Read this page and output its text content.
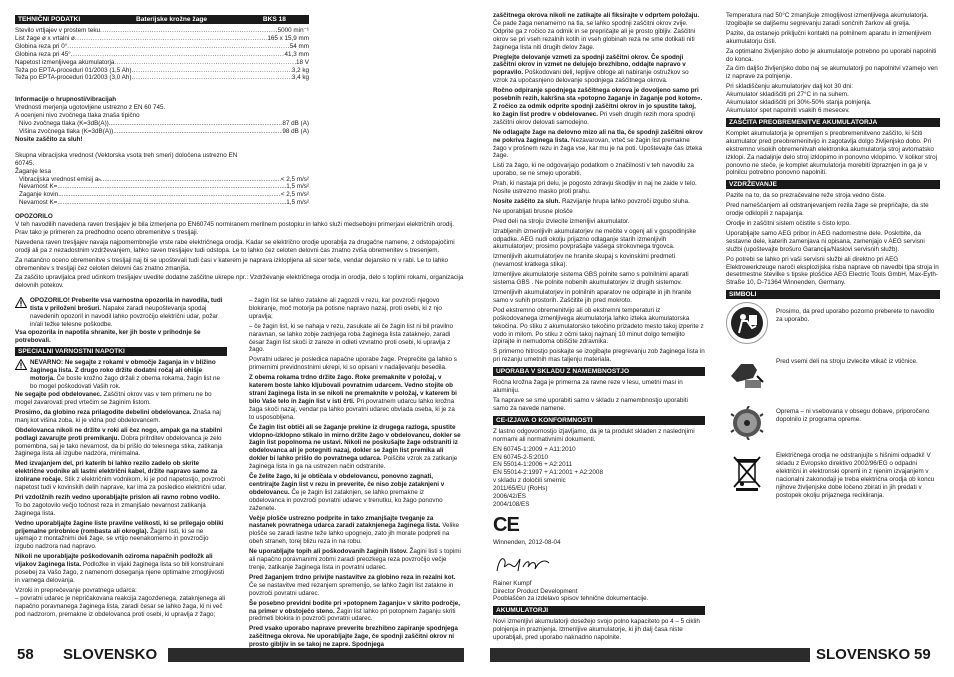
TEHNIČNI PODATKI	Baterijske krožne žage	BKS 18
Število vrtljajev v prostem teku .....	5000 min⁻¹
List žage ø x vrtalni ø .....	165 x 15,9 mm
Globina reza pri 0° .....	54 mm
Globina reza pri 45° .....	41,3 mm
Napetost izmenljivega akumulatorja .....	18 V
Teža po EPTA-proceduri 01/2003 (1,5 Ah) .....	3,2 kg
Teža po EPTA-proceduri 01/2003 (3,0 Ah) .....	3,4 kg
Informacije o hrupnosti/vibracijah
Vrednosti merjenja ugotovljene ustrezno z EN 60 745.
A ocenjeni nivo zvočnega tlaka znaša tipično
Nivo zvočnega tlaka (K=3dB(A)) .....	87 dB (A)
Višina zvočnega tlaka (K=3dB(A)) .....	98 dB (A)
Nosite zaščito za sluh!
Skupna vibracijska vrednost (Vektorska vsota treh smeri) določena ustrezno EN 60745.
Žaganje lesa
Vibracijska vrednost emisij aₕ .....	< 2,5 m/s²
Nevarnost K= .....	1,5 m/s²
Žaganje kovin .....	< 2,5 m/s²
Nevarnost K= .....	1,5 m/s²
OPOZORILO

V teh navodilih navedena raven tresljajev je bila izmerjena po EN60745 normiranem merilnem postopku in lahko služi medsebojni primerjavi električnih orodij. Prav tako je primeren za predhodno oceno obremenitve s tresljaji.

Navedena raven tresljajev navaja najpomembnejše vrste rabe električnega orodja. Kadar se električno orodje uporablja za drugačne namene, z odstopajočimi orodji ali pa z nezadostnim vzdrževanjem, lahko raven tresljajev tudi odstopa. Le to lahko čez celoten delovni čas znatno zviša obremenitev s tresenjem.

Za natančno oceno obremenitve s tresljaji naj bi se upoštevali tudi časi v katerem je naprava izklopljena ali sicer teče, vendar dejansko ni v rabi. Le to lahko obremenitev s tresljaji čez celoten delovni čas znatno zmanjša.

Za zaščito upravljalca pred učinkom tresljajev uvedite dodatne zaščitne ukrepe npr.: Vzdrževanje električnega orodja in orodja, delo s toplimi rokami, organizacija delovnih potekov.

OPOZORILO! Preberite vsa varnostna opozorila in navodila, tudi tista v priloženi brošuri. Napake zaradi neupoštevanja spodaj navedenih opozoril in navodil lahko povzročijo električni udar, požar in/ali težke telesne poškodbe.

Vsa opozorila in napotila shranite, ker jih boste v prihodnje še potrebovali.

SPECIALNI VARNOSTNI NAPOTKI
NEVARNO: Ne segajte z rokami v območje žaganja in v bližino žaginega lista. Z drugo roko držite dodatni ročaj ali ohišje motorja. Če boste krožno žago držali z obema rokama, žagin list ne bo mogel poškodovati Vaših rok.

Ne segajte pod obdelovanec. Zaščitni okrov vas v tem primeru ne bo mogel zavarovati pred vrtečim se žaginim listom.

Prosimo, da globino reza prilagodite debelini obdelovanca. Znaša naj manj kot višina zoba, ki je vidna pod obdelovancem.

Obdelovanca nikoli ne držite v roki ali čez nogo, ampak ga na stabilni podlagi zavarujte proti premikanju. Dobra pritrditev obdelovanca je zelo pomembna, saj je tako nevarnost, da bi prišlo do telesnega stika, zatikanja žaginega lista ali izgube nadzora, minimalna.

Med izvajanjem del, pri katerih bi lahko rezilo zadelo ob skrite električne vodnike ali lastni električni kabel, držite napravo samo za izolirane ročaje. Stik z električnim vodnikom, ki je pod napetostjo, povzroči napetost tudi v kovinskih delih naprave, kar ima za posledico električni udar.

Pri vzdolžnih rezih vedno uporabljajte prislon ali ravno robno vodilo. To bo zagotovilo večjo točnost reza in zmanjšalo nevarnost zatikanja žaginega lista.

Vedno uporabljajte žagine liste pravilne velikosti, ki se prilegajo obliki prijemalne prirobnice (rombasta ali okrogla). Žagini listi, ki se ne ujemajo z montažnimi deli žage, se vrtijo neenakomerno in povzročijo izgubo nadzora nad napravo.

Nikoli ne uporabljajte poškodovanih oziroma napačnih podložk ali vijakov žaginega lista. Podložke in vijaki žaginega lista so bili konstruirani posebej za Vašo žago, z namenom doseganja njene optimalne zmogljivosti in varnega delovanja.

Vzroki in preprečevanje povratnega udarca:

– povratni udarec je nepričakovana reakcija zagozdenega, zataknjenega ali napačno poravnanega žaginega lista, zaradi česar se lahko žaga, ki ni več pod nadzorom, premakne iz obdelovanca proti osebi, ki upravlja z žago;

– žagin list se lahko zatakne ali zagozdi v rezu, kar povzroči njegovo blokiranje, moč motorja pa potisne napravo nazaj, proti osebi, ki z njo upravlja;

– če žagin list, ki se nahaja v rezu, zasukate ali če žagin list ni bil pravilno naravnan, se lahko zobje zadnjega roba žaginega lista zataknejo, zaradi česar žagin list skoči iz zareze in odleti vzvratno proti osebi, ki upravlja z žago.

Povratni udarec je posledica napačne uporabe žage. Preprečite ga lahko s primernimi previdnostnimi ukrepi, ki so opisani v nadaljevanju besedila.

Z obema rokama trdno držite žago. Roke premaknite v položaj, v katerem boste lahko kljubovali povratnim udarcem. Vedno stojite ob strani žaginega lista in se nikoli ne premaknite v položaj, v katerem bi bilo Vaše telo in žagin list v isti črti. Pri povratnem udarcu lahko krožna žaga skoči nazaj, vendar pa lahko povratni udarec obvlada oseba, ki je za to usposobljena.

Če žagin list obtiči ali se žaganje prekine iz drugega razloga, spustite vklopno-izklopno stikalo in mirno držite žago v obdelovancu, dokler se žagin list popolnoma ne ustavi. Nikoli ne poskušajte žage odstraniti iz obdelovanca ali je potegniti nazaj, dokler se žagin list premika ali dokler bi lahko prišlo do povratnega udarca. Poiščite vzrok za zatikanje žaginega lista in ga na ustrezen način odstranite.

Če želite žago, ki je obtičala v obdelovancu, ponovno zagnati, centrirajte žagin list v rezu in preverite, če niso zobje zataknjeni v obdelovancu. Če je žagin list zataknjen, se lahko premakne iz obdelovanca in povzroči povratni udarec v trenutku, ko žago ponovno zaženete.

Večje plošče ustrezno podprite in tako zmanjšajte tveganje za nastanek povratnega udarca zaradi zataknjenega žaginega lista. Velike plošče se zaradi lastne teže lahko upognejo, zato jih morate podpreti na obeh straneh, torej blizu reza in na robu.

Ne uporabljajte topih ali poškodovanih žaginih listov. Žagini listi s topimi ali napačno poravnanimi zobmi zaradi preozkega reza povzročijo večje trenje, zatikanje žaginega lista in povratni udarec.

Pred žaganjem trdno privijte nastavitve za globino reza in rezalni kot. Če se nastavitve med rezanjem spremenijo, se lahko žagin list zatakne in povzroči povratni udarec.

Še posebno previdni bodite pri »potopnem žaganju« v skrito področje, na primer v obstoječo steno. Žagin list lahko pri potopnem žaganju skriti predmeti blokira in povzroči povratni udarec.

Pred vsako uporabo naprave preverite brezhibno zapiranje spodnjega zaščitnega okrova. Ne uporabljajte žage, če spodnji zaščitni okrov ni prosto gibljiv in se takoj ne zapre. Spodnjega

58 SLOVENSKO

zaščitnega okrova nikoli ne zatikajte ali fiksirajte v odprtem položaju. Če pade žaga nenamerno na tla, se lahko spodnji zaščitni okrov zvije. Odprite ga z ročico za odmik in se prepričajte ali je prosto gibljiv. Zaščitni okrov se pri vseh rezalnih kotih in vseh globinah reza ne sme dotikati niti žaginega lista niti drugih delov žage.

Preglejte delovanje vzmeti za spodnji zaščitni okrov. Če spodnji zaščitni okrov in vzmet ne delujejo brezhibno, oddajte napravo v popravilo. Poškodovani deli, lepljive obloge ali nabiranje ostružkov so vzrok za upočasnjeno delovanje spodnjega zaščitnega okrova.

Ročno odpiranje spodnjega zaščitnega okrova je dovoljeno samo pri posebnih rezih, kakršna sta »potopno žaganje in žaganje pod kotom«. Z ročico za odmik odprite spodnji zaščitni okrov in jo spustite takoj, ko žagin list prodre v obdelovanec. Pri vseh drugih rezih mora spodnji zaščitni okrov delovati samodejno.

Ne odlagajte žage na delovno mizo ali na tla, če spodnji zaščitni okrov ne pokriva žaginega lista. Nezavarovan, vrteč se žagin list premakne žago v prošnem rezu in žaga vse, kar mu je na poti. Upoštevajte čas iztekа žage.

Listi za žago, ki ne odgovarjajo podatkom o značilnosti v teh navodilu za uporabo, se ne smejo uporabiti.

Prah, ki nastaja pri delu, je pogosto zdravju škodljiv in naj ne zaide v telo. Nosite ustrezno masko proti prahu.

Nosite zaščito za sluh. Razvijanje hrupa lahko povzroči izgubo sluha.

Ne uporabljati brusne plošče

Pred deli na stroju izvlecite izmenljivi akumulator.

Izrabljenih izmenljivih akumulatorjev ne mečite v ogenj ali v gospodinjske odpadke. AEG nudi okolju prijazno odlaganje starih izmenljivih akumulatorjev; prosimo povprašajte vašega strokovnega trgovca.

Izmenljivih akumulatorjev ne hranite skupaj s kovinskimi predmeti (nevarnost kratkega stika).

Izmenljive akumulatorje sistema GBS polnite samo s polnilnimi aparati sistema GBS . Ne polnite nobenih akumulatorjev iz drugih sistemov.

Izmenljivih akumulatorjev in polnilnih aparatov ne odpirajte in jih hranite samo v suhih prostorih. Zaščitite jih pred mokroto.

Pod ekstremno obremenitvijo ali ob ekstremni temperaturi iz poškodovanega izmenljivega akumulatorja lahko izteka akumulatorska tekočina. Po stiku z akumulatorsko tekočino prizadeto mesto takoj izperite z vodo in milom. Po stiku z očmi takoj najmanj 10 minut dolgo temeljito izpirajte in nemudoma obiščite zdravnika.

S primerno hitrostjo poiskajte se izogibajte pregrevanju zob žaginega lista in pri rezanju umetnih mas taljenju materiala.

UPORABA V SKLADU Z NAMEMBNOSTJO

Ročna krožna žaga je primerna za ravne reze v lesu, umetni masi in aluminiju.

Ta naprave se sme uporabiti samo v skladu z namembnostjo uporabiti samo za navede namene.

CE-IZJAVA O KONFORMNOSTI

Z lastno odgovornostjo izjavljamo, da je ta produkt skladen z naslednjimi normami ali normativnimi dokumenti.

EN 60745-1:2009 + A11:2010
EN 60745-2-5:2010
EN 55014-1:2006 + A2:2011
EN 55014-2:1997 + A1:2001 + A2:2008
v skladu z določili smernic
2011/65/EU (RoHs)
2006/42/ES
2004/108/ES
CE
Winnenden, 2012-08-04
Rainer Kumpf
Director Product Development
Pooblaščen za izdelavo spisov tehnične dokumentacije.
AKUMULATORJI

Novi izmenljivi akumulatorji dosežejo svojo polno kapaciteto po 4 – 5 ciklih polnjenja in praznjenja. Izmenljive akumulatorje, ki jih dalj časa niste uporabljali, pred uporabo naknadno napolnite.

Temperatura nad 50°C zmanjšuje zmogljivost izmenljivega akumulatorja. Izogibajte se daljšemu segrevanju zaradi sončnih žarkov ali grelja.

Pazite, da ostanejo priključni kontakti na polnilnem aparatu in izmenljivem akumulatorju čisti.

Za optimalno življenjsko dobo je akumulatorje potrebno po uporabi napolniti do konca.

Za čim daljšo življenjsko dobo naj se akumulatorji po napolnitvi vzamejo ven iz naprave za polnjenje.

Pri skladiščenju akumulatorjev dalj kot 30 dni:
Akumulator skladiščiti pri 27°C in na suhem.
Akumulator skladiščiti pri 30%-50% stanja polnjenja.
Akumulator spet napolniti vsakih 6 mesecev.
ZAŠČITA PREOBREMENITVE AKUMULATORJA

Komplet akumulatorja je opremljen s preobremenitveno zaščito, ki ščiti akumulator pred preobremenitvijo in zagotavlja dolgo življenjsko dobo. Pri ekstremno visokih obremenitvah elektronika akumulatorja stroj avtomatsko izklopi. Za nadaljnje delo stroj izklopimo in ponovno vklopimo. V kolikor stroj ponovno ne steče, je komplet akumulatorja morebiti izpraznjen in ga je v polnilcu potrebno ponovno napolniti.

VZDRŽEVANJE

Pazite na to, da so prezračevalne reže stroja vedno čiste.

Pred nameščanjem ali odstranjevanjem rezila žage se prepričajte, da ste orodje odklopili z napajanja.

Orodje in zaščitni sistem očistite s čisto krpo.

Uporabljajte samo AEG pribor in AEG nadomestne dele. Poskrbite, da sestavne dele, katerih zamenjava ni opisana, zamenjajo v AEG servisni službi (upoštevajte brošuro Garancija/Naslovi servisnih služb).

Po potrebi se lahko pri vaši servisni službi ali direktno pri AEG Elektrowerkzeuge naroči eksplozijska risba naprave ob navedbi tipa stroja in desetmestne številke s tipske ploščice AEG Electric Tools GmbH, Max-Eyth-Straße 10, D-71364 Winnenden, Germany.

SIMBOLI
Prosimo, da pred uporabo pozorno preberete to navodilo za uporabo.
Pred vsemi deli na stroju izvlecite vtikač iz vtičnice.
Oprema – ni vsebovana v obsegu dobave, priporočeno dopolnilo iz programa opreme.
Električnega orodja ne odstranjujte s hišnimi odpadki! V skladu z Evropsko direktivo 2002/96/EG o odpadni električni in elektronski opremi in z njenim izvajanjem v nacionalni zakonodaji je treba električna orodja ob koncu njihove življenjske dobe ločeno zbirati in jih predati v postopek okolju prijaznega recikliranja.
SLOVENSKO 59
